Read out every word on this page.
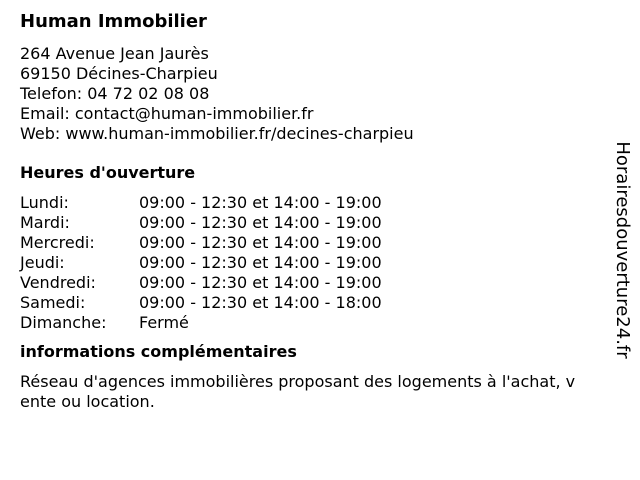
Human Immobilier
264 Avenue Jean Jaurès
69150 Décines-Charpieu
Telefon: 04 72 02 08 08
Email: contact@human-immobilier.fr
Web: www.human-immobilier.fr/decines-charpieu
Heures d'ouverture
Lundi:	09:00 - 12:30 et 14:00 - 19:00
Mardi:	09:00 - 12:30 et 14:00 - 19:00
Mercredi:	09:00 - 12:30 et 14:00 - 19:00
Jeudi:	09:00 - 12:30 et 14:00 - 19:00
Vendredi:	09:00 - 12:30 et 14:00 - 19:00
Samedi:	09:00 - 12:30 et 14:00 - 18:00
Dimanche:	Fermé
informations complémentaires
Réseau d'agences immobilières proposant des logements à l'achat, vente ou location.
Horairesdouverture24.fr
